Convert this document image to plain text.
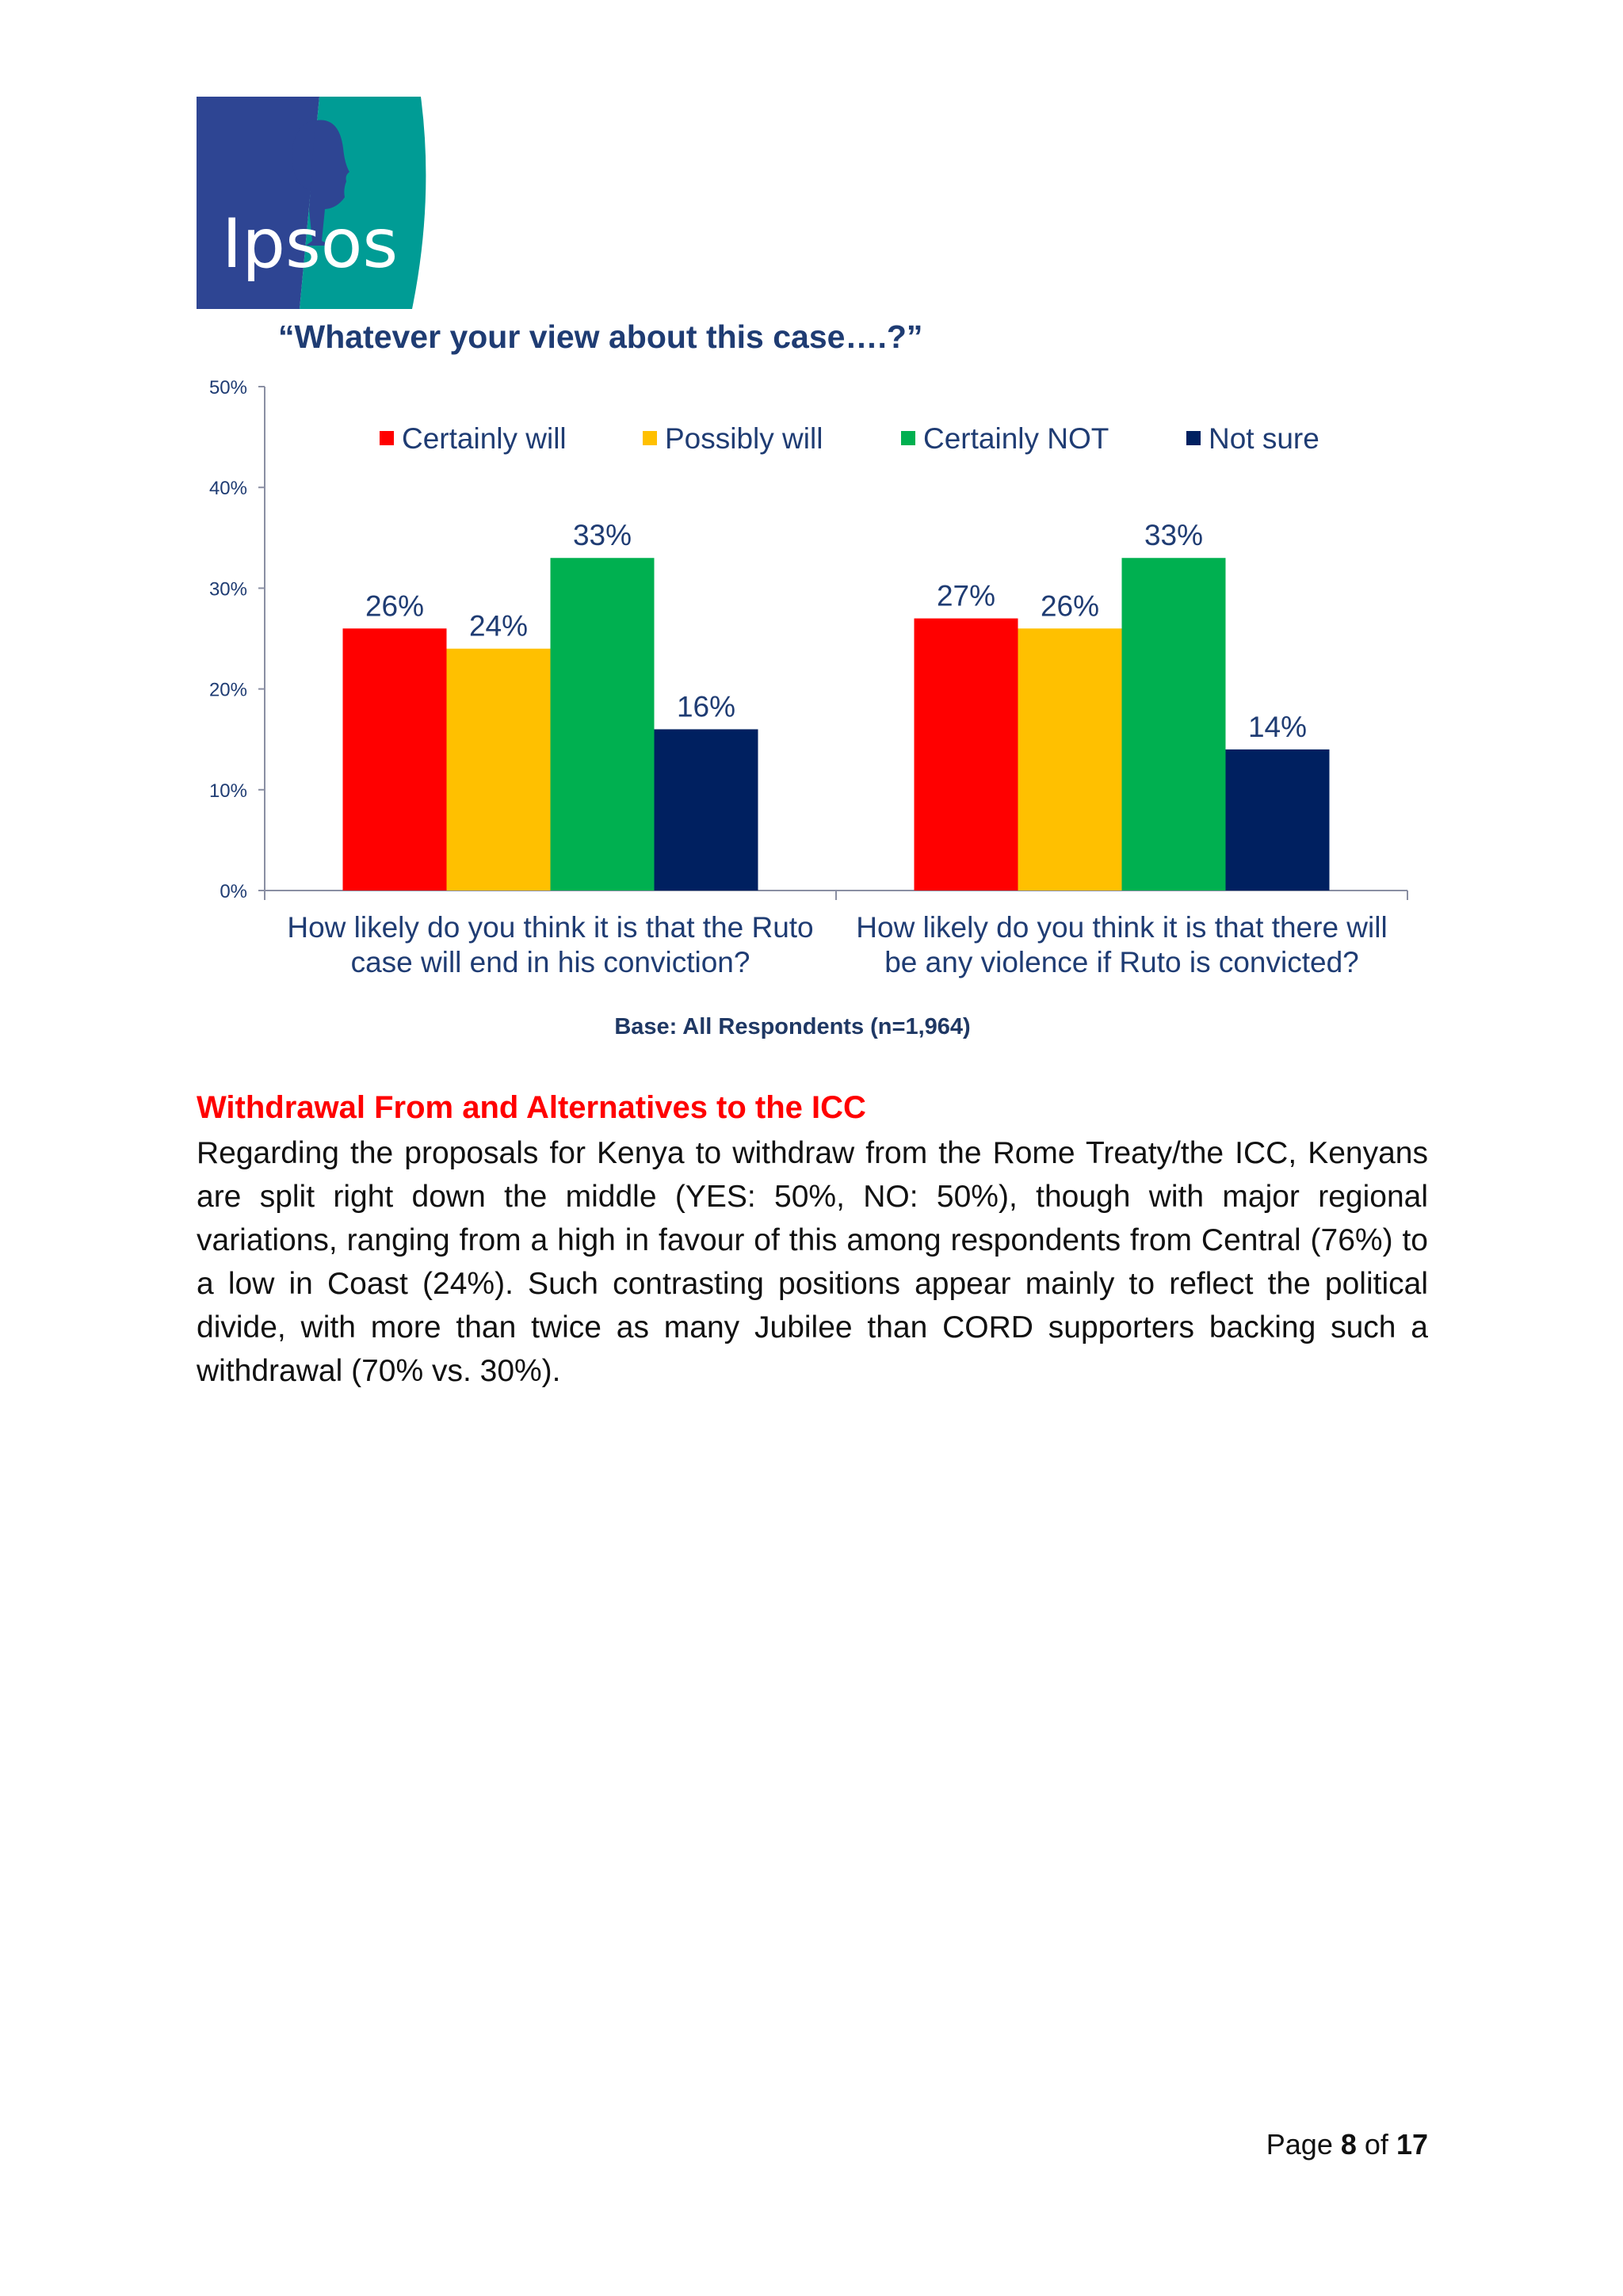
Ipsos
“Whatever your view about this case….?”
0%
10%
20%
30%
40%
50%
26%
24%
33%
16%
How likely do you think it is that the Ruto
case will end in his conviction?
27% 26%
33%
14%
How likely do you think it is that there will
be any violence if Ruto is convicted?
Certainly will	Possibly will	Certainly NOT	Not sure
Base: All Respondents (n=1,964)
Withdrawal From and Alternatives to the ICC
Regarding the proposals for Kenya to withdraw from the Rome Treaty/the ICC, Kenyans are split right down the middle (YES: 50%, NO: 50%), though with major regional variations, ranging from a high in favour of this among respondents from Central (76%) to a low in Coast (24%). Such contrasting positions appear mainly to reflect the political divide, with more than twice as many Jubilee than CORD supporters backing such a withdrawal (70% vs. 30%).
Page 8 of 17
